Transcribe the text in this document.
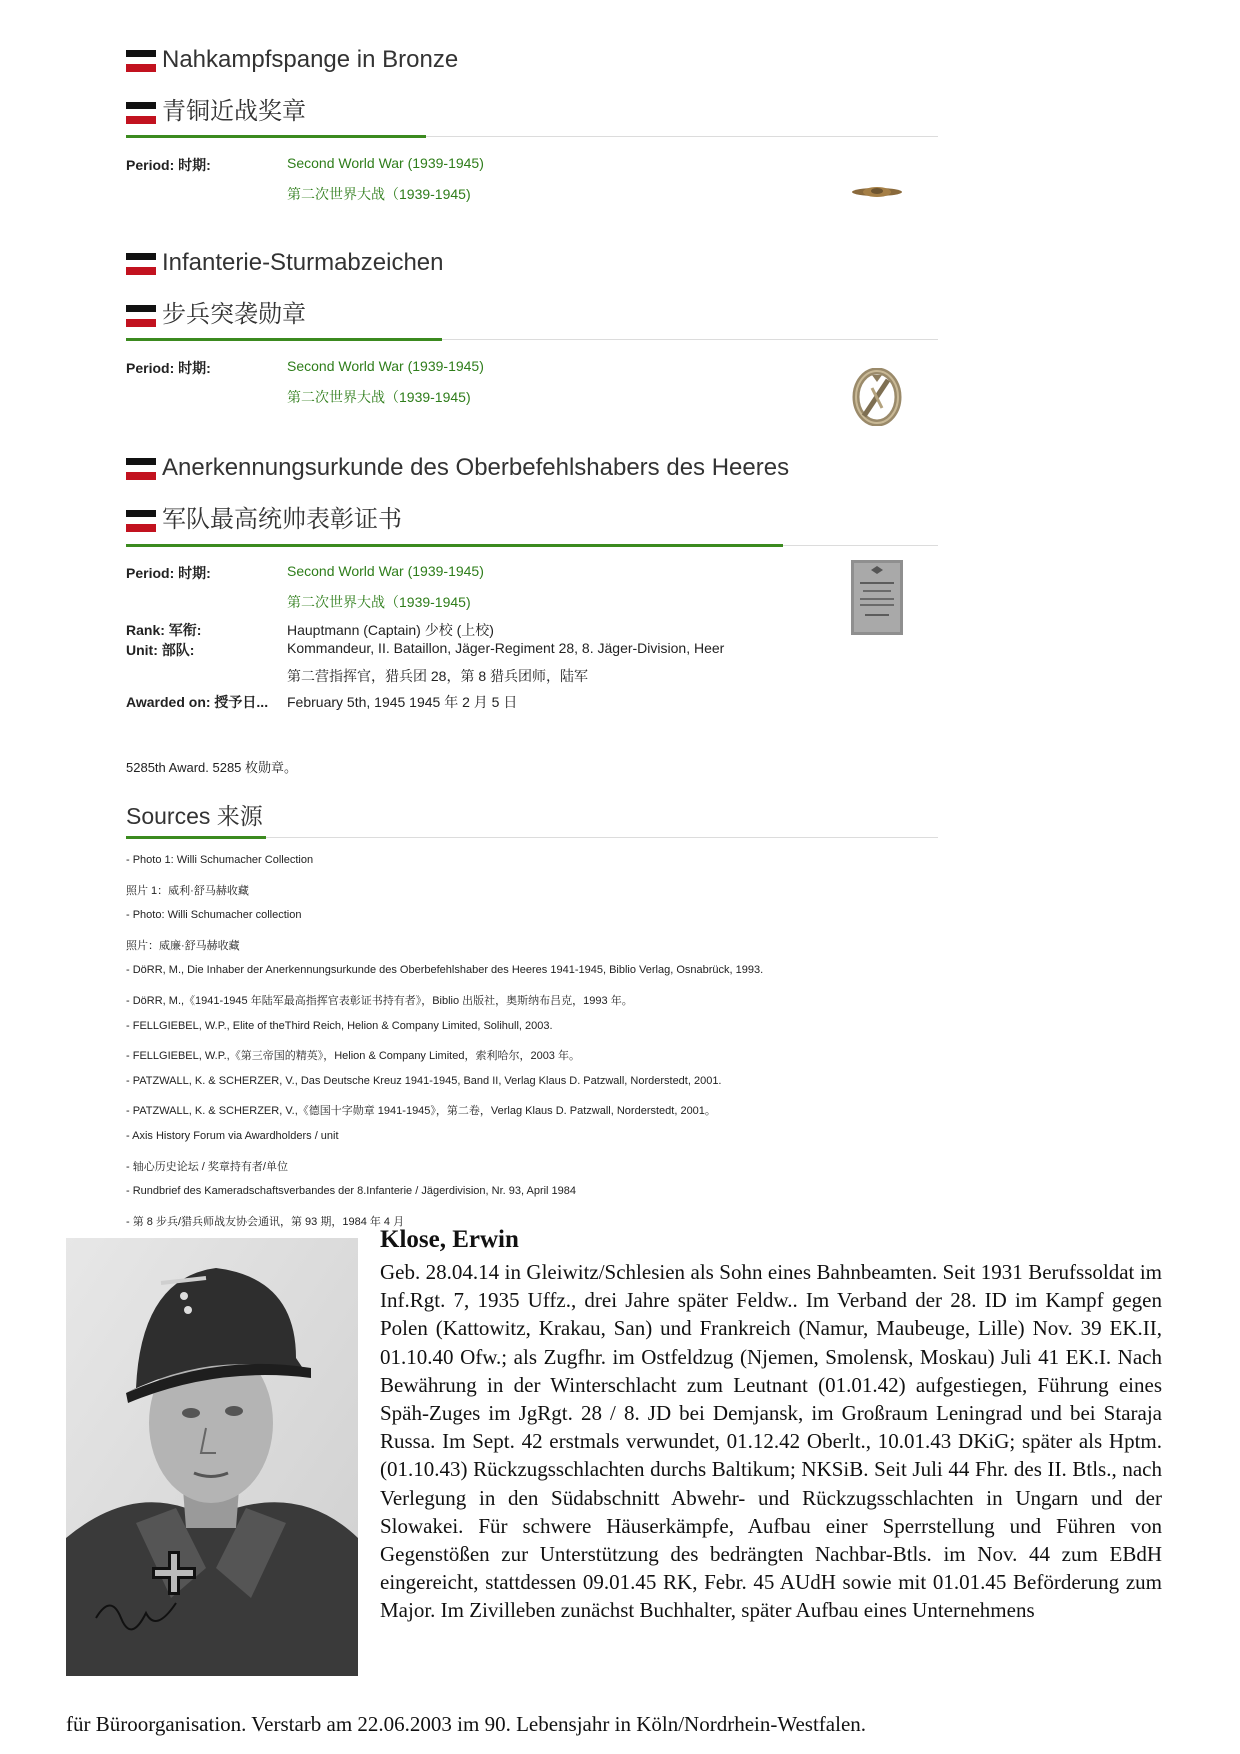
Nahkampfspange in Bronze
青铜近战奖章
Period: 时期:	Second World War (1939-1945)
第二次世界大战（1939-1945)
Infanterie-Sturmabzeichen
步兵突袭勋章
Period: 时期:	Second World War (1939-1945)
第二次世界大战（1939-1945)
Anerkennungsurkunde des Oberbefehlshabers des Heeres
军队最高统帅表彰证书
Period: 时期:	Second World War (1939-1945)
第二次世界大战（1939-1945)
Rank: 军衔:	Hauptmann (Captain) 少校 (上校)
Unit: 部队:	Kommandeur, II. Bataillon, Jäger-Regiment 28, 8. Jäger-Division, Heer
第二营指挥官，猎兵团 28，第 8 猎兵团师，陆军
Awarded on: 授予日... February 5th, 1945 1945 年 2 月 5 日
5285th Award. 5285 枚勋章。
Sources 来源
- Photo 1: Willi Schumacher Collection
照片 1：威利·舒马赫收藏
- Photo: Willi Schumacher collection
照片：威廉·舒马赫收藏
- DöRR, M., Die Inhaber der Anerkennungsurkunde des Oberbefehlshaber des Heeres 1941-1945, Biblio Verlag, Osnabrück, 1993.
- DöRR, M.,《1941-1945 年陆军最高指挥官表彰证书持有者》，Biblio 出版社，奥斯纳布吕克，1993 年。
- FELLGIEBEL, W.P., Elite of theThird Reich, Helion & Company Limited, Solihull, 2003.
- FELLGIEBEL, W.P.,《第三帝国的精英》，Helion & Company Limited，索利哈尔，2003 年。
- PATZWALL, K. & SCHERZER, V., Das Deutsche Kreuz 1941-1945, Band II, Verlag Klaus D. Patzwall, Norderstedt, 2001.
- PATZWALL, K. & SCHERZER, V.,《德国十字勋章 1941-1945》，第二卷，Verlag Klaus D. Patzwall, Norderstedt, 2001。
- Axis History Forum via Awardholders / unit
- 轴心历史论坛 / 奖章持有者/单位
- Rundbrief des Kameradschaftsverbandes der 8.Infanterie / Jägerdivision, Nr. 93, April 1984
- 第 8 步兵/猎兵师战友协会通讯，第 93 期，1984 年 4 月
Klose, Erwin
Geb. 28.04.14 in Gleiwitz/Schlesien als Sohn eines Bahnbeamten. Seit 1931 Berufssoldat im Inf.Rgt. 7, 1935 Uffz., drei Jahre später Feldw.. Im Verband der 28. ID im Kampf gegen Polen (Kattowitz, Krakau, San) und Frankreich (Namur, Maubeuge, Lille) Nov. 39 EK.II, 01.10.40 Ofw.; als Zugfhr. im Ostfeldzug (Njemen, Smolensk, Moskau) Juli 41 EK.I. Nach Bewährung in der Winterschlacht zum Leutnant (01.01.42) aufgestiegen, Führung eines Späh-Zuges im JgRgt. 28 / 8. JD bei Demjansk, im Großraum Leningrad und bei Staraja Russa. Im Sept. 42 erstmals verwundet, 01.12.42 Oberlt., 10.01.43 DKiG; später als Hptm. (01.10.43) Rückzugsschlachten durchs Baltikum; NKSiB. Seit Juli 44 Fhr. des II. Btls., nach Verlegung in den Südabschnitt Abwehr- und Rückzugsschlachten in Ungarn und der Slowakei. Für schwere Häuserkämpfe, Aufbau einer Sperrstellung und Führen von Gegenstößen zur Unterstützung des bedrängten Nachbar-Btls. im Nov. 44 zum EBdH eingereicht, stattdessen 09.01.45 RK, Febr. 45 AUdH sowie mit 01.01.45 Beförderung zum Major. Im Zivilleben zunächst Buchhalter, später Aufbau eines Unternehmens
für Büroorganisation. Verstarb am 22.06.2003 im 90. Lebensjahr in Köln/Nordrhein-Westfalen.
